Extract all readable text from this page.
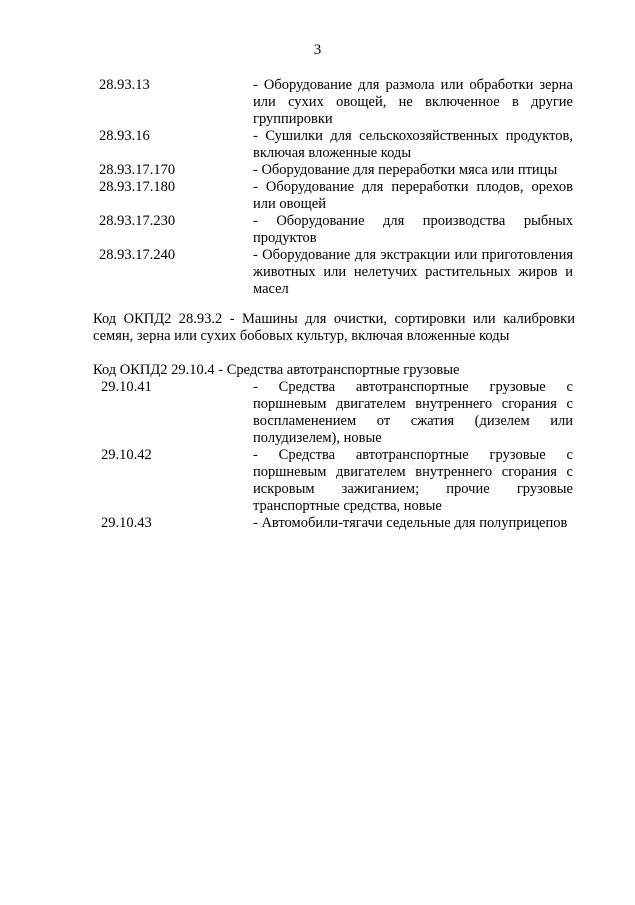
3
28.93.13	- Оборудование для размола или обработки зерна или сухих овощей, не включенное в другие группировки
28.93.16	- Сушилки для сельскохозяйственных продуктов, включая вложенные коды
28.93.17.170	- Оборудование для переработки мяса или птицы
28.93.17.180	- Оборудование для переработки плодов, орехов или овощей
28.93.17.230	- Оборудование для производства рыбных продуктов
28.93.17.240	- Оборудование для экстракции или приготовления животных или нелетучих растительных жиров и масел
Код ОКПД2 28.93.2 - Машины для очистки, сортировки или калибровки семян, зерна или сухих бобовых культур, включая вложенные коды
Код ОКПД2 29.10.4 - Средства автотранспортные грузовые
29.10.41	- Средства автотранспортные грузовые с поршневым двигателем внутреннего сгорания с воспламенением от сжатия (дизелем или полудизелем), новые
29.10.42	- Средства автотранспортные грузовые с поршневым двигателем внутреннего сгорания с искровым зажиганием; прочие грузовые транспортные средства, новые
29.10.43	- Автомобили-тягачи седельные для полуприцепов
